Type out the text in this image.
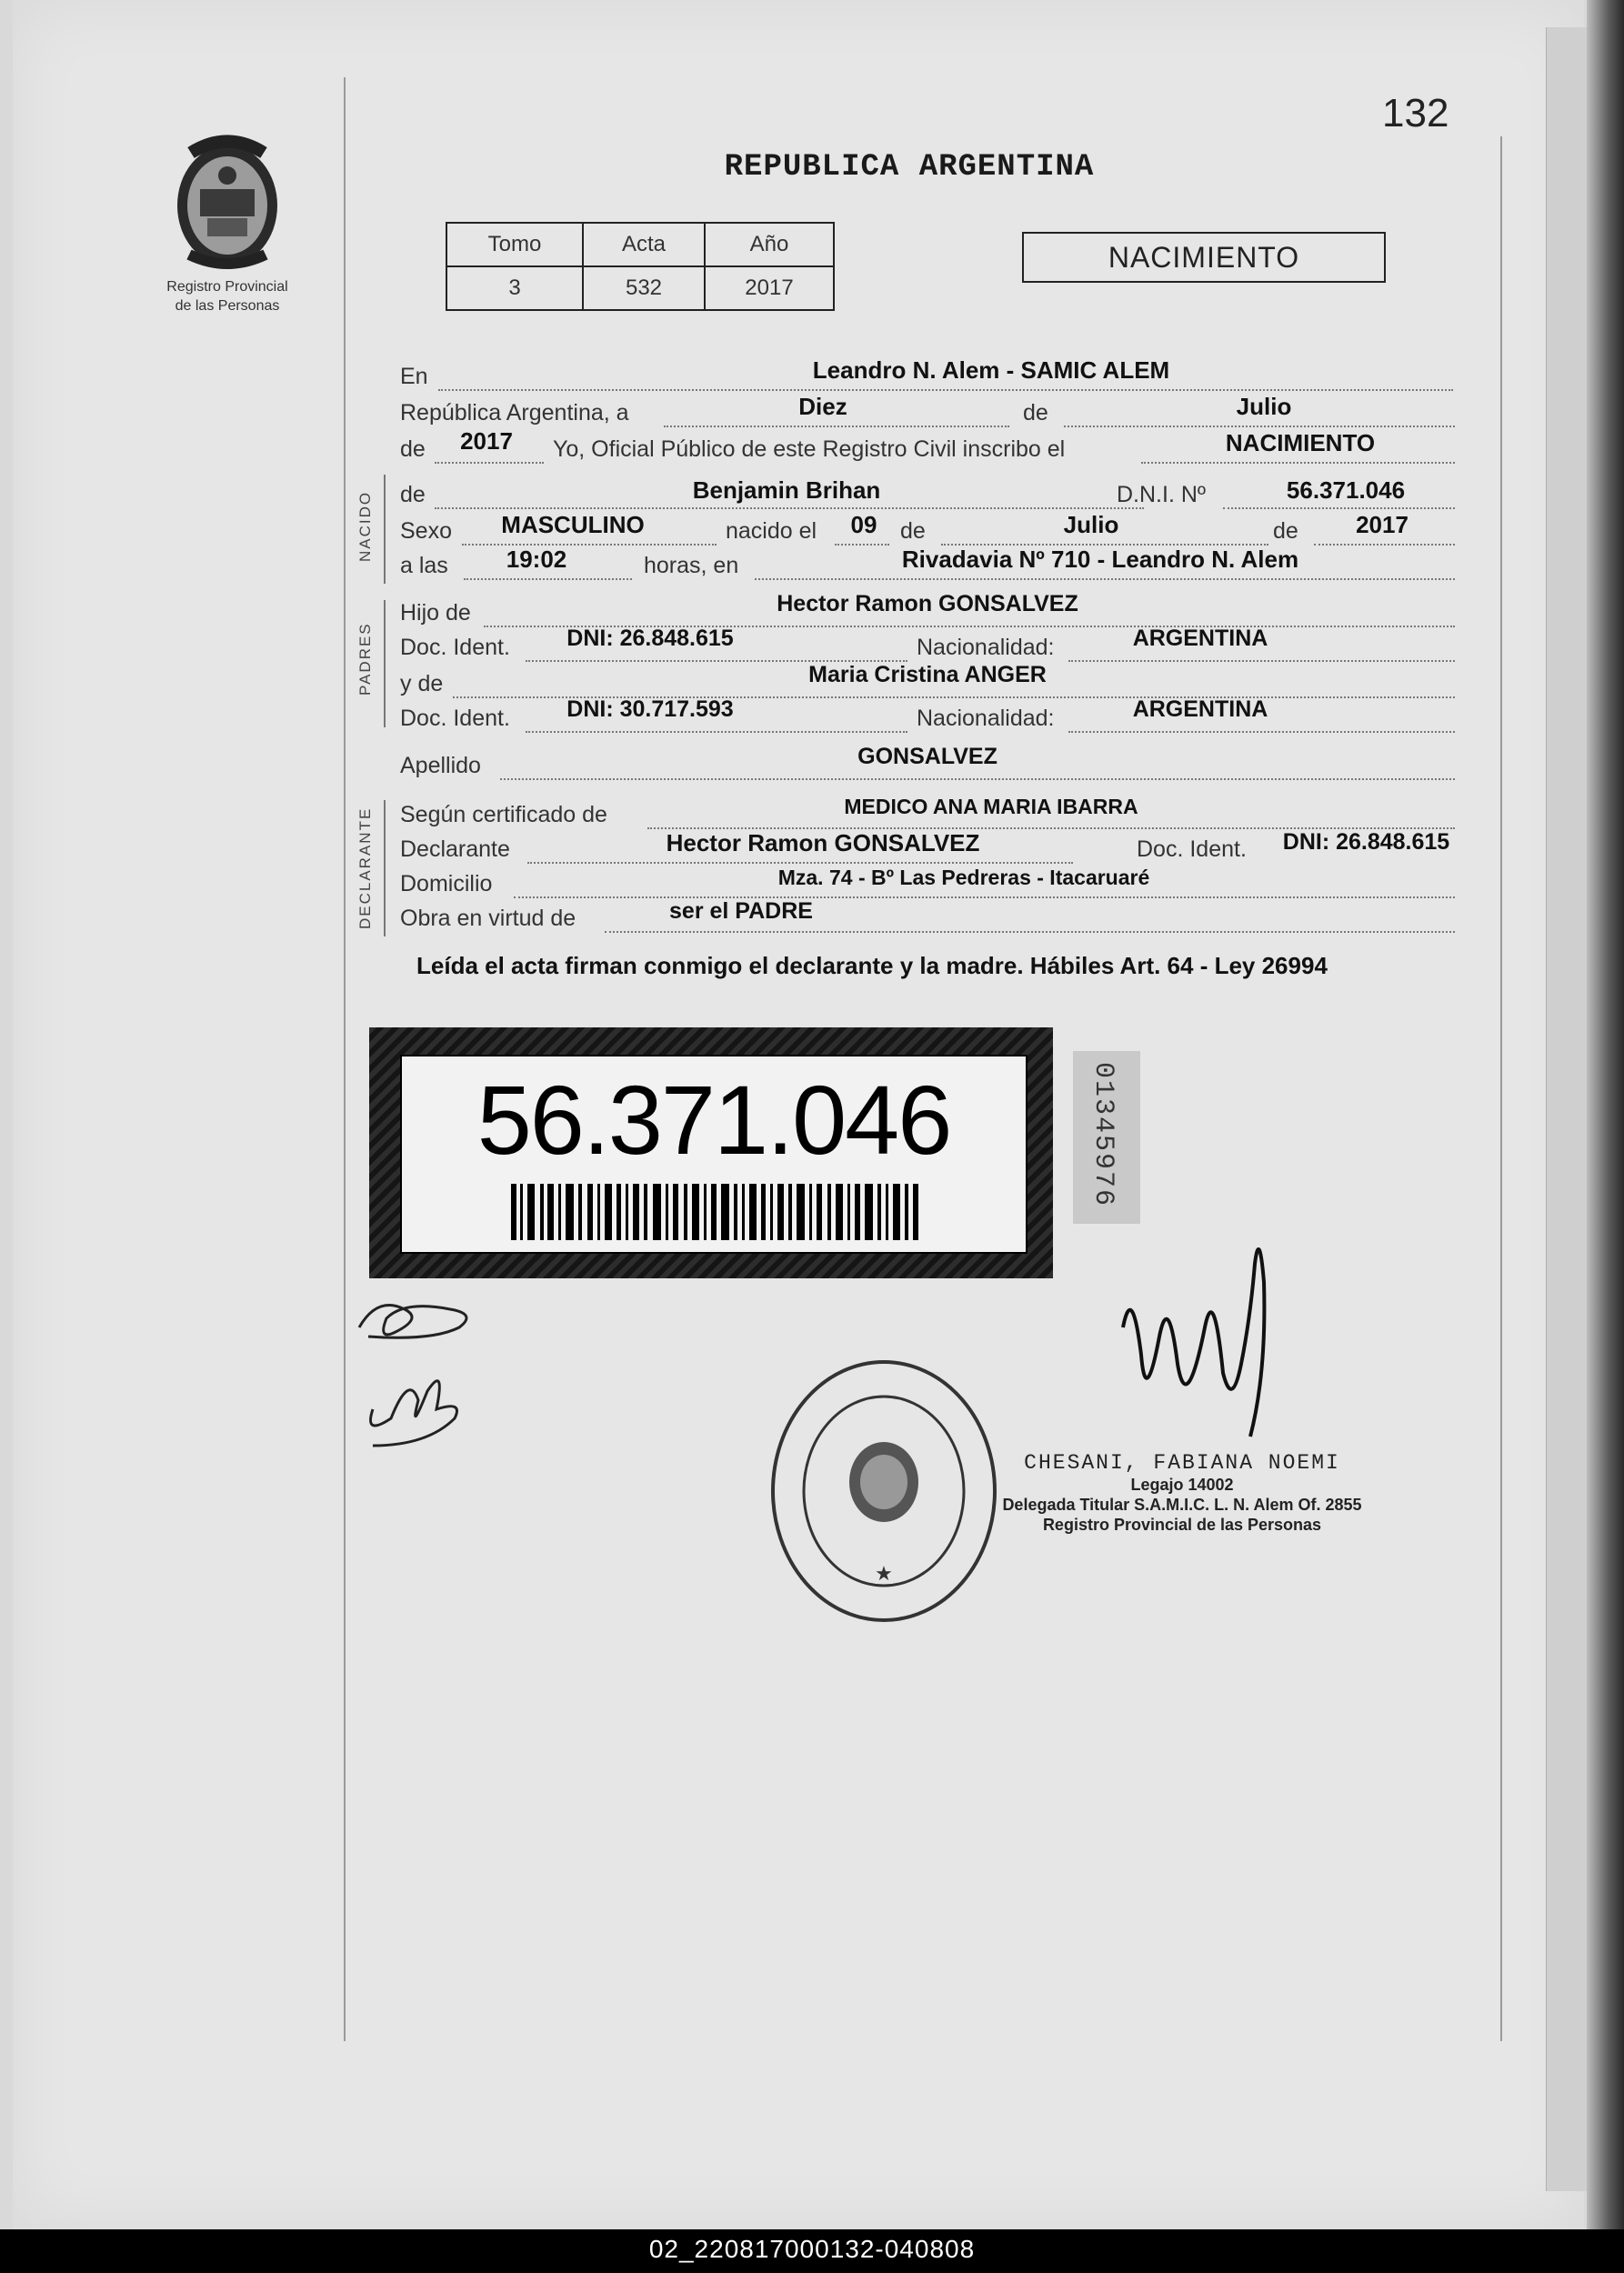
Registro Provincial
de las Personas
132
REPUBLICA ARGENTINA
Tomo	Acta	Año
3	532	2017
NACIMIENTO
En	Leandro N. Alem - SAMIC ALEM
República Argentina, a	Diez	de	Julio
de	2017	Yo, Oficial Público de este Registro Civil inscribo el	NACIMIENTO
NACIDO de	Benjamin Brihan	D.N.I. Nº	56.371.046
Sexo	MASCULINO	nacido el	09	de	Julio	de	2017
a las	19:02	horas, en	Rivadavia Nº 710 - Leandro N. Alem
PADRES
Hijo de	Hector Ramon GONSALVEZ
Doc. Ident.	DNI: 26.848.615	Nacionalidad:	ARGENTINA
y de	Maria Cristina ANGER
Doc. Ident.	DNI: 30.717.593	Nacionalidad:	ARGENTINA
Apellido	GONSALVEZ
DECLARANTE Según certificado de	MEDICO ANA MARIA IBARRA
Declarante	Hector Ramon GONSALVEZ	Doc. Ident.	DNI: 26.848.615
Domicilio	Mza. 74 - Bº Las Pedreras - Itacaruaré
Obra en virtud de	ser el PADRE
Leída el acta firman conmigo el declarante y la madre. Hábiles Art. 64 - Ley 26994
56.371.046	01345976
★
CHESANI, FABIANA NOEMI
Legajo 14002
Delegada Titular S.A.M.I.C. L. N. Alem Of. 2855
Registro Provincial de las Personas
02_220817000132-040808
